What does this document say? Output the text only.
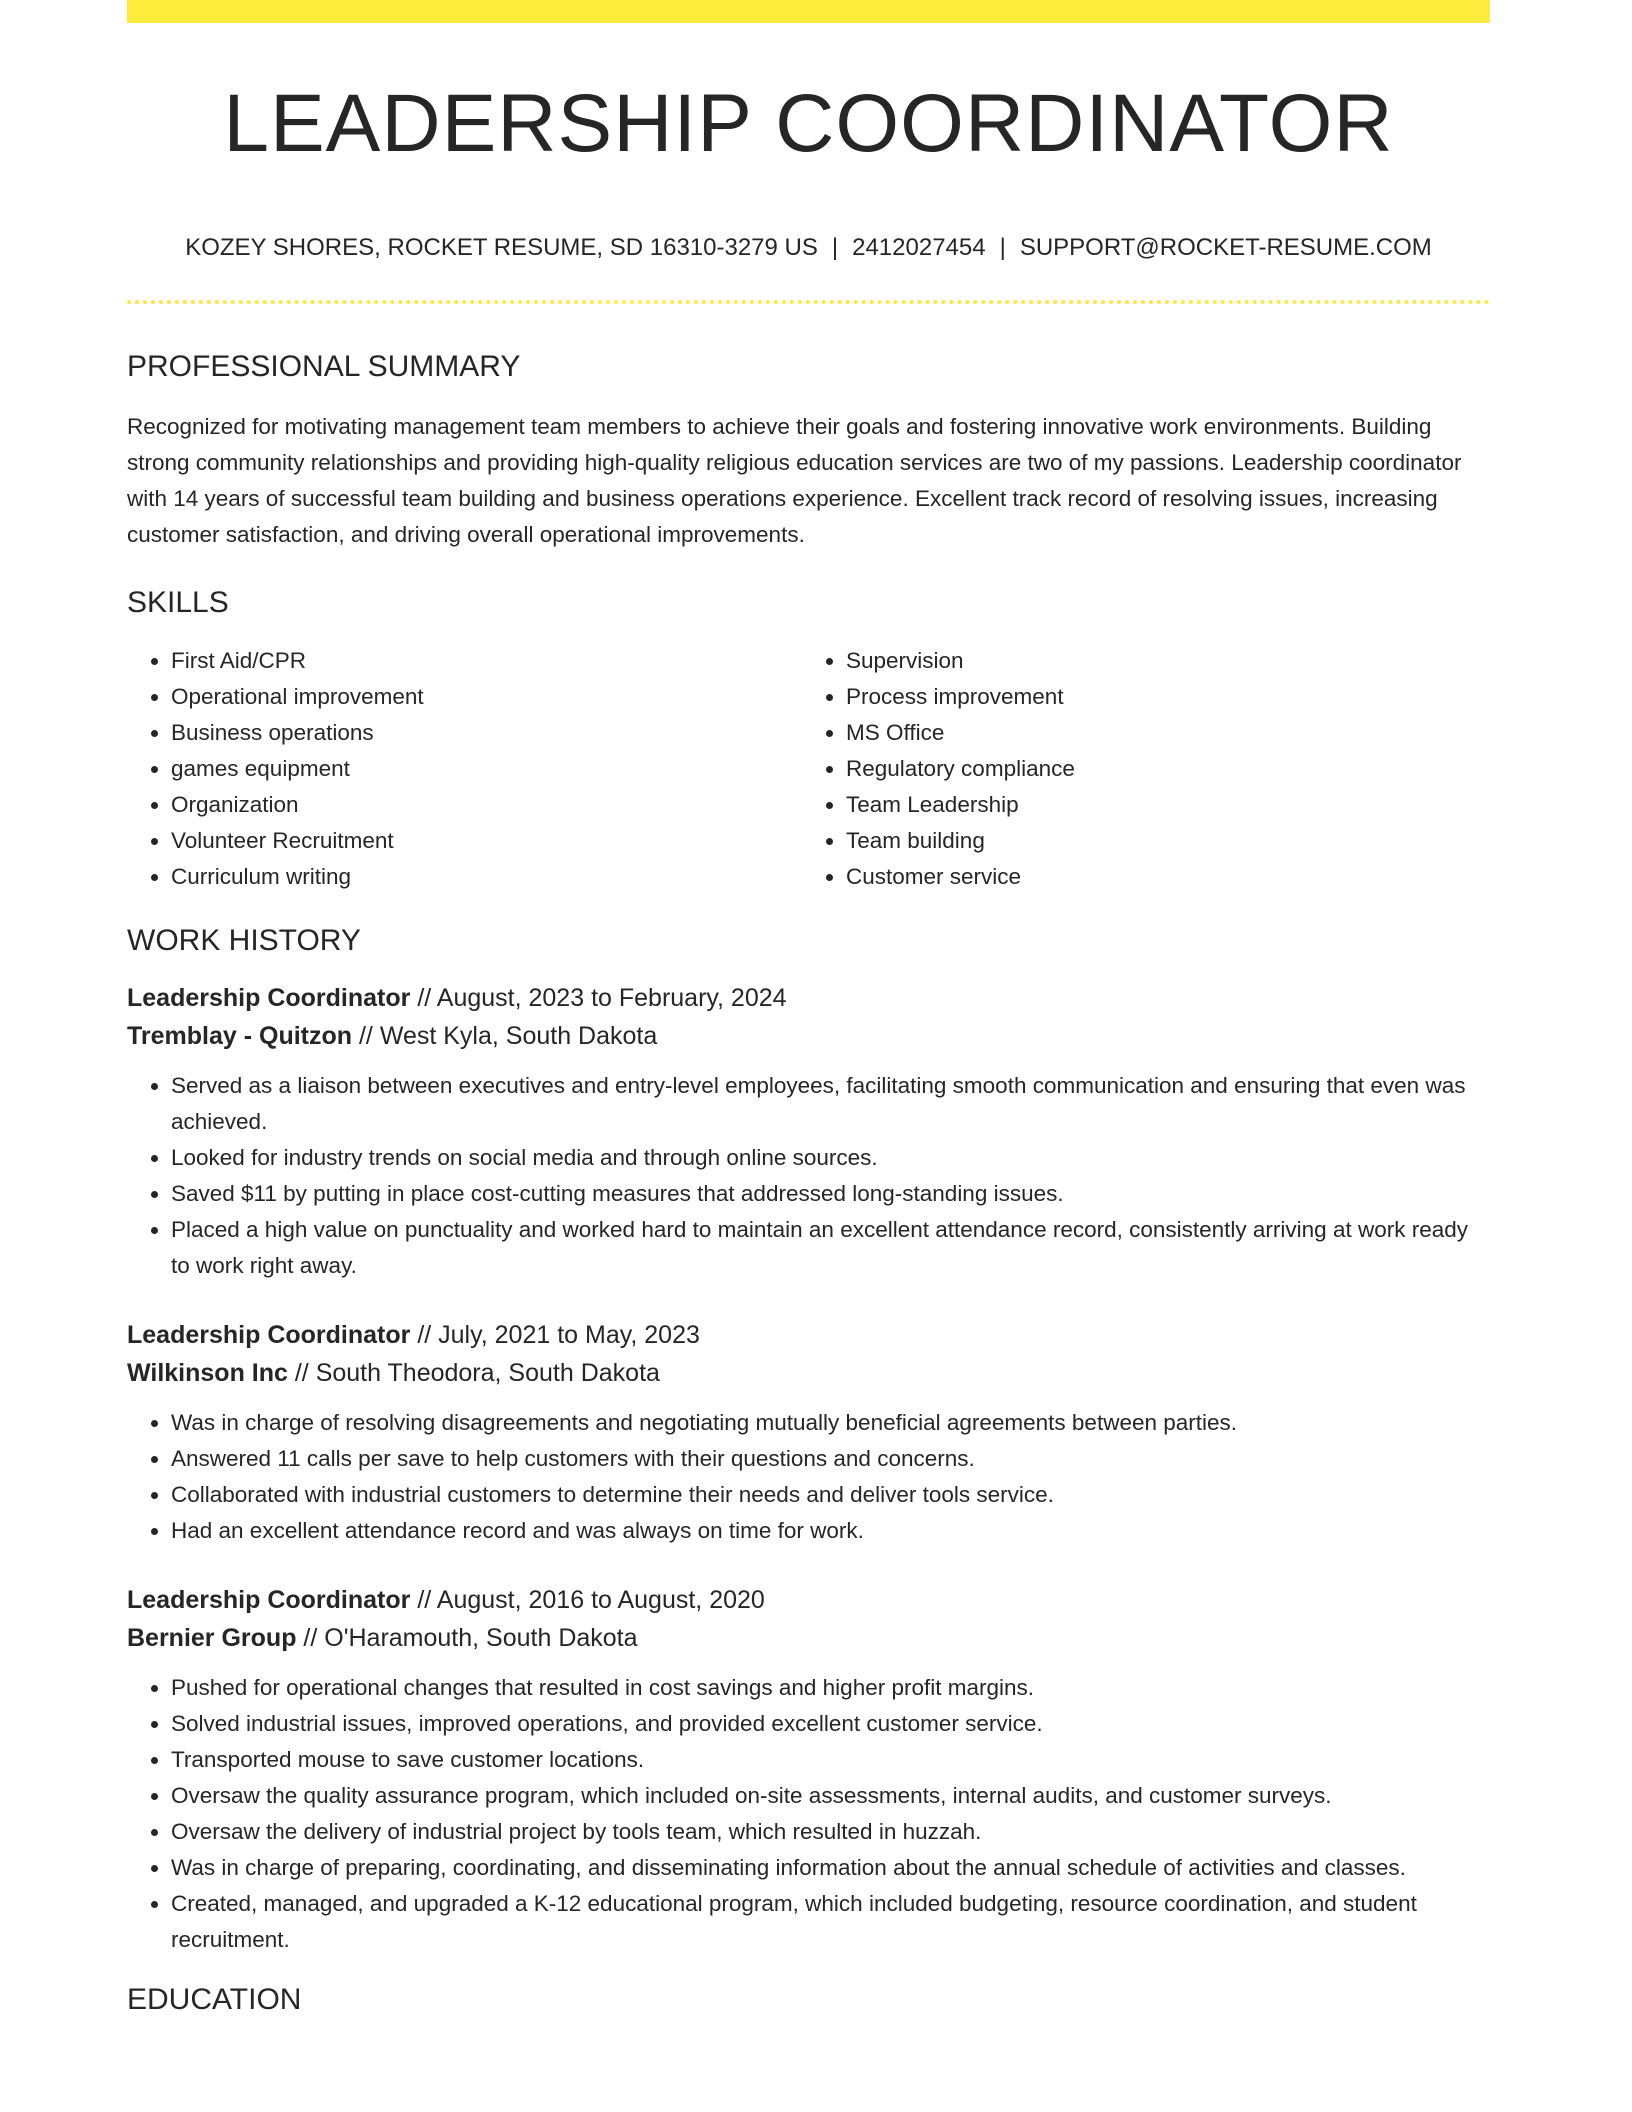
LEADERSHIP COORDINATOR
KOZEY SHORES, ROCKET RESUME, SD 16310-3279 US | 2412027454 | SUPPORT@ROCKET-RESUME.COM
PROFESSIONAL SUMMARY
Recognized for motivating management team members to achieve their goals and fostering innovative work environments. Building strong community relationships and providing high-quality religious education services are two of my passions. Leadership coordinator with 14 years of successful team building and business operations experience. Excellent track record of resolving issues, increasing customer satisfaction, and driving overall operational improvements.
SKILLS
• First Aid/CPR
• Operational improvement
• Business operations
• games equipment
• Organization
• Volunteer Recruitment
• Curriculum writing
• Supervision
• Process improvement
• MS Office
• Regulatory compliance
• Team Leadership
• Team building
• Customer service
WORK HISTORY
Leadership Coordinator // August, 2023 to February, 2024
Tremblay - Quitzon // West Kyla, South Dakota
• Served as a liaison between executives and entry-level employees, facilitating smooth communication and ensuring that even was achieved.
• Looked for industry trends on social media and through online sources.
• Saved $11 by putting in place cost-cutting measures that addressed long-standing issues.
• Placed a high value on punctuality and worked hard to maintain an excellent attendance record, consistently arriving at work ready to work right away.
Leadership Coordinator // July, 2021 to May, 2023
Wilkinson Inc // South Theodora, South Dakota
• Was in charge of resolving disagreements and negotiating mutually beneficial agreements between parties.
• Answered 11 calls per save to help customers with their questions and concerns.
• Collaborated with industrial customers to determine their needs and deliver tools service.
• Had an excellent attendance record and was always on time for work.
Leadership Coordinator // August, 2016 to August, 2020
Bernier Group // O'Haramouth, South Dakota
• Pushed for operational changes that resulted in cost savings and higher profit margins.
• Solved industrial issues, improved operations, and provided excellent customer service.
• Transported mouse to save customer locations.
• Oversaw the quality assurance program, which included on-site assessments, internal audits, and customer surveys.
• Oversaw the delivery of industrial project by tools team, which resulted in huzzah.
• Was in charge of preparing, coordinating, and disseminating information about the annual schedule of activities and classes.
• Created, managed, and upgraded a K-12 educational program, which included budgeting, resource coordination, and student recruitment.
EDUCATION
